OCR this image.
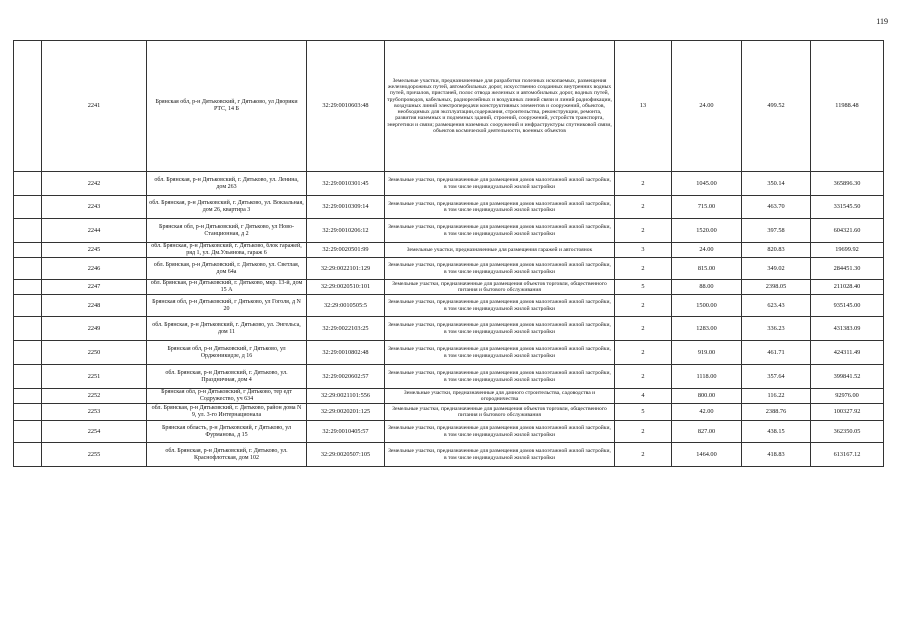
119
	2241	Брянская обл, р-н Дятьковский, г Дятьково, ул Дворики РТС, 14 Б	32:29:0010603:48	Земельные участки, предназначенные для разработки полезных ископаемых, размещения железнодорожных путей, автомобильных дорог, искусственно созданных внутренних водных путей, причалов, пристаней, полос отвода железных и автомобильных дорог, водных путей, трубопроводов, кабельных, радиорелейных и воздушных линий связи и линий радиофикации, воздушных линий электропередачи конструктивных элементов и сооружений, объектов, необходимых для эксплуатации,содержания, строительства, реконструкции, ремонта, развития наземных и подземных зданий, строений, сооружений, устройств транспорта, энергетики и связи; размещения наземных сооружений и инфраструктуры спутниковой связи, объектов космической деятельности, военных объектов	13	24.00	499.52	11988.48
	2242	обл. Брянская, р-н Дятьковский, г. Дятьково, ул. Ленина, дом 263	32:29:0010301:45	Земельные участки, предназначенные для размещения домов малоэтажной жилой застройки, в том числе индивидуальной жилой застройки	2	1045.00	350.14	365896.30
	2243	обл. Брянская, р-н Дятьковский, г. Дятьково, ул. Вокзальная, дом 26, квартира 3	32:29:0010309:14	Земельные участки, предназначенные для размещения домов малоэтажной жилой застройки, в том числе индивидуальной жилой застройки	2	715.00	463.70	331545.50
	2244	Брянская обл, р-н Дятьковский, г Дятьково, ул Ново-Станционная, д 2	32:29:0010206:12	Земельные участки, предназначенные для размещения домов малоэтажной жилой застройки, в том числе индивидуальной жилой застройки	2	1520.00	397.58	604321.60
	2245	обл. Брянская, р-н Дятьковский, г. Дятьково, блок гаражей, ряд 1, ул. Дм.Ульянова, гараж 6	32:29:0020501:99	Земельные участки, предназначенные для размещения гаражей и автостоянок	3	24.00	820.83	19699.92
	2246	обл. Брянская, р-н Дятьковский, г. Дятьково, ул. Светлая, дом 64а	32:29:0022101:129	Земельные участки, предназначенные для размещения домов малоэтажной жилой застройки, в том числе индивидуальной жилой застройки	2	815.00	349.02	284451.30
	2247	обл. Брянская, р-н Дятьковский, г. Дятьково, мкр. 13-й, дом 15 А	32:29:0020510:101	Земельные участки, предназначенные для размещения объектов торговли, общественного питания и бытового обслуживания	5	88.00	2398.05	211028.40
	2248	Брянская обл, р-н Дятьковский, г Дятьково, ул Гоголя, д N 20	32:29:0010505:5	Земельные участки, предназначенные для размещения домов малоэтажной жилой застройки, в том числе индивидуальной жилой застройки	2	1500.00	623.43	935145.00
	2249	обл. Брянская, р-н Дятьковский, г. Дятьково, ул. Энгельса, дом 11	32:29:0022103:25	Земельные участки, предназначенные для размещения домов малоэтажной жилой застройки, в том числе индивидуальной жилой застройки	2	1283.00	336.23	431383.09
	2250	Брянская обл, р-н Дятьковский, г Дятьково, ул Орджоникидзе, д 16	32:29:0010802:48	Земельные участки, предназначенные для размещения домов малоэтажной жилой застройки, в том числе индивидуальной жилой застройки	2	919.00	461.71	424311.49
	2251	обл. Брянская, р-н Дятьковский, г. Дятьково, ул. Праздничная, дом 4	32:29:0020602:57	Земельные участки, предназначенные для размещения домов малоэтажной жилой застройки, в том числе индивидуальной жилой застройки	2	1118.00	357.64	399841.52
	2252	Брянская обл, р-н Дятьковский, г Дятьково, тер едт Содружество, уч 634	32:29:0021101:556	Земельные участки, предназначенные для дачного строительства, садоводства и огородничества	4	800.00	116.22	92976.00
	2253	обл. Брянская, р-н Дятьковский, г. Дятьково, район дома N 9, ул. 3-го Интернационала	32:29:0020201:125	Земельные участки, предназначенные для размещения объектов торговли, общественного питания и бытового обслуживания	5	42.00	2388.76	100327.92
	2254	Брянская область, р-н Дятьковский, г Дятьково, ул Фурманова, д 15	32:29:0010405:57	Земельные участки, предназначенные для размещения домов малоэтажной жилой застройки, в том числе индивидуальной жилой застройки	2	827.00	438.15	362350.05
	2255	обл. Брянская, р-н Дятьковский, г. Дятьково, ул. Краснофлотская, дом 102	32:29:0020507:105	Земельные участки, предназначенные для размещения домов малоэтажной жилой застройки, в том числе индивидуальной жилой застройки	2	1464.00	418.83	613167.12
